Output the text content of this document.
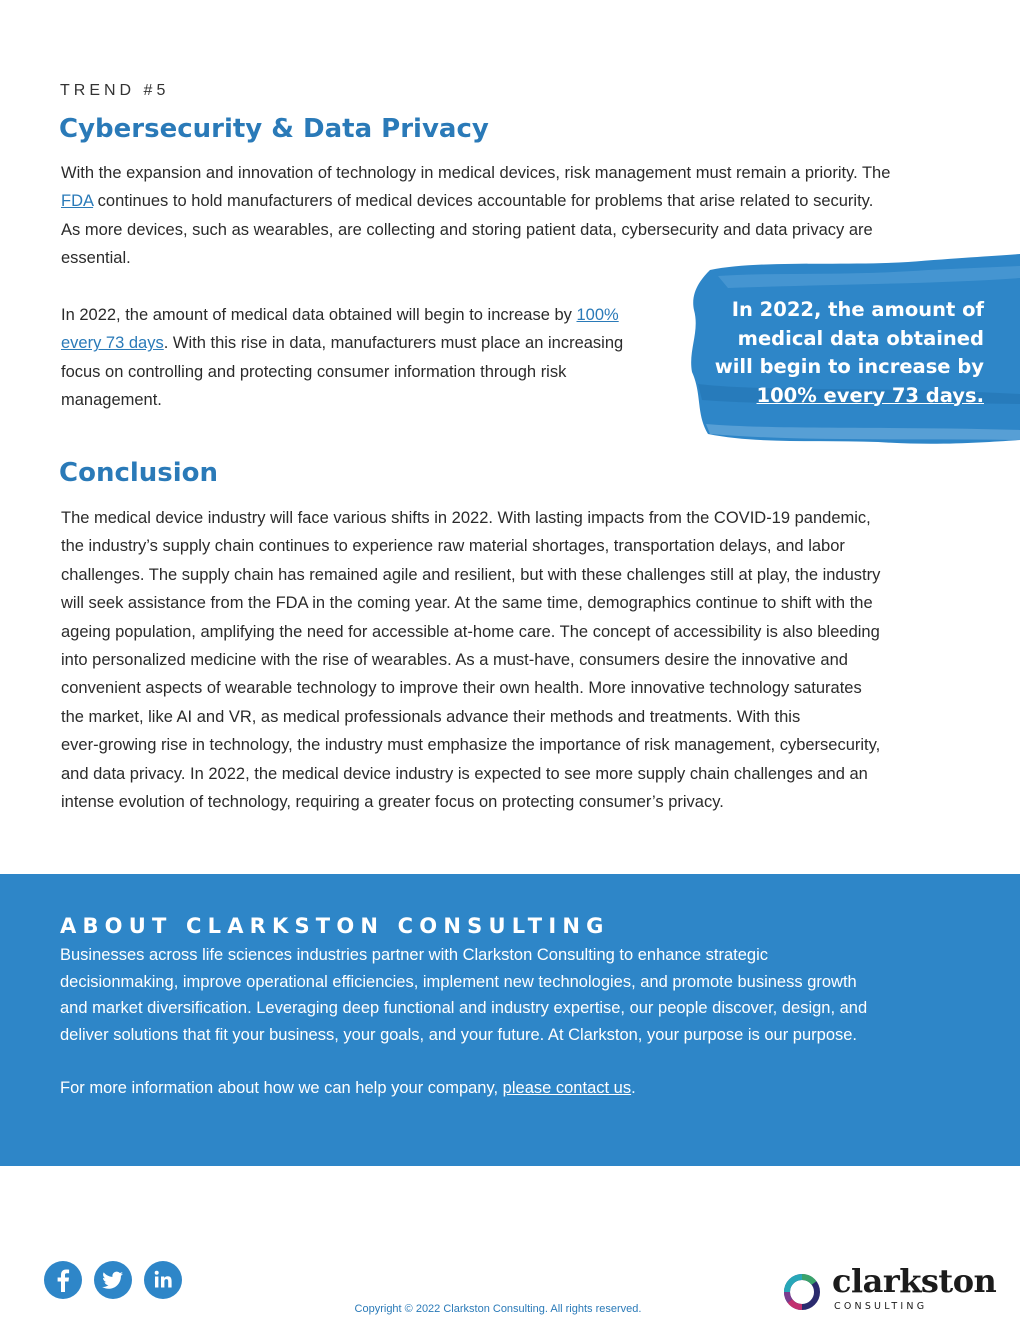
TREND #5
Cybersecurity & Data Privacy
With the expansion and innovation of technology in medical devices, risk management must remain a priority. The
FDA continues to hold manufacturers of medical devices accountable for problems that arise related to security.
As more devices, such as wearables, are collecting and storing patient data, cybersecurity and data privacy are
essential.
In 2022, the amount of medical data obtained will begin to increase by 100%
every 73 days. With this rise in data, manufacturers must place an increasing
focus on controlling and protecting consumer information through risk
management.
In 2022, the amount of
medical data obtained
will begin to increase by
100% every 73 days.
Conclusion
The medical device industry will face various shifts in 2022. With lasting impacts from the COVID-19 pandemic,
the industry’s supply chain continues to experience raw material shortages, transportation delays, and labor
challenges. The supply chain has remained agile and resilient, but with these challenges still at play, the industry
will seek assistance from the FDA in the coming year. At the same time, demographics continue to shift with the
ageing population, amplifying the need for accessible at-home care. The concept of accessibility is also bleeding
into personalized medicine with the rise of wearables. As a must-have, consumers desire the innovative and
convenient aspects of wearable technology to improve their own health. More innovative technology saturates
the market, like AI and VR, as medical professionals advance their methods and treatments. With this
ever-growing rise in technology, the industry must emphasize the importance of risk management, cybersecurity,
and data privacy. In 2022, the medical device industry is expected to see more supply chain challenges and an
intense evolution of technology, requiring a greater focus on protecting consumer’s privacy.
ABOUT CLARKSTON CONSULTING
Businesses across life sciences industries partner with Clarkston Consulting to enhance strategic
decisionmaking, improve operational efficiencies, implement new technologies, and promote business growth
and market diversification. Leveraging deep functional and industry expertise, our people discover, design, and
deliver solutions that fit your business, your goals, and your future. At Clarkston, your purpose is our purpose.
For more information about how we can help your company, please contact us.
Copyright © 2022 Clarkston Consulting. All rights reserved.
clarkston
CONSULTING
